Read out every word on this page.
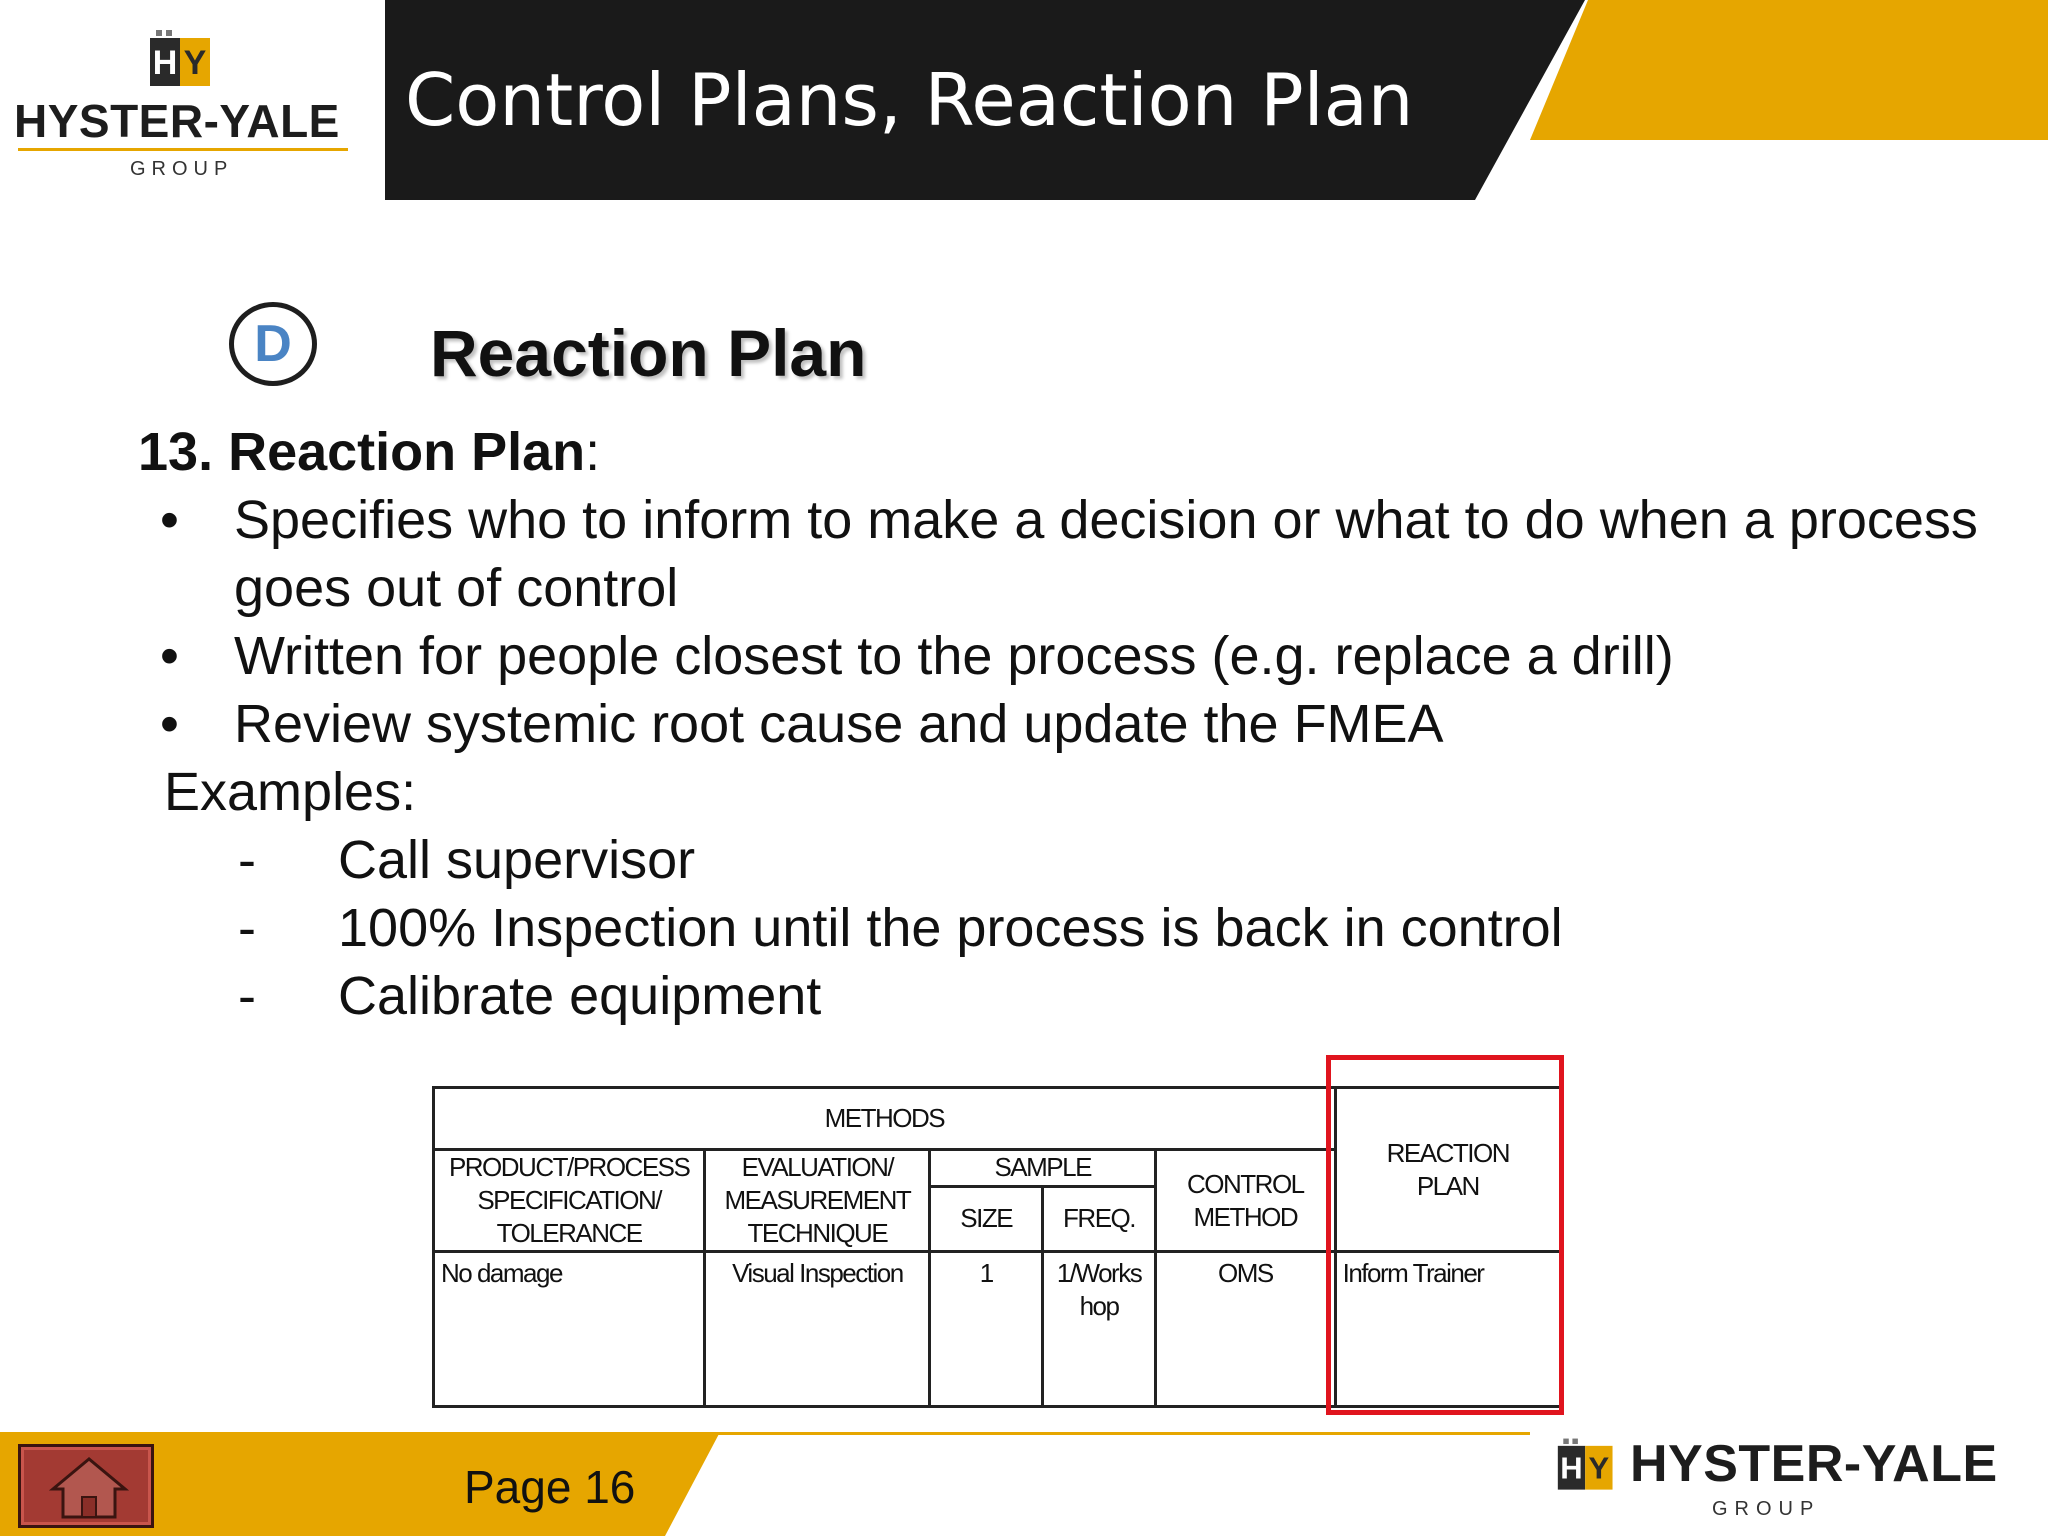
H Y
HYSTER-YALE
GROUP
Control Plans, Reaction Plan
D	Reaction Plan
13. Reaction Plan:
• Specifies who to inform to make a decision or what to do when a process goes out of control
• Written for people closest to the process (e.g. replace a drill)
• Review systemic root cause and update the FMEA
Examples:
- Call supervisor
- 100% Inspection until the process is back in control
- Calibrate equipment
METHODS					REACTION PLAN
PRODUCT/PROCESS SPECIFICATION/ TOLERANCE	EVALUATION/ MEASUREMENT TECHNIQUE	SAMPLE		CONTROL METHOD	
		SIZE	FREQ.		
No damage	Visual Inspection	1	1/Workshop	OMS	Inform Trainer
Page 16	H Y HYSTER-YALE
GROUP
